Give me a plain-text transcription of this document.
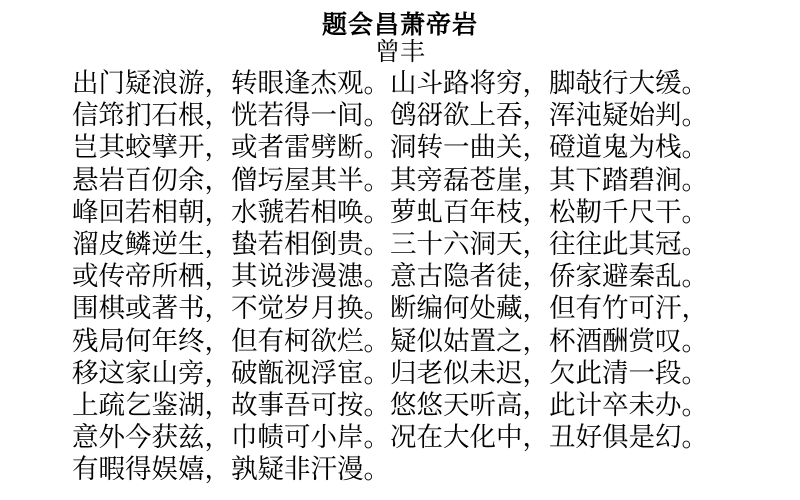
题会昌萧帝岩
曾丰

出门疑浪游，转眼逢杰观。山斗路将穷，脚敧行大缓。

信筇扪石根，恍若得一间。鸧谺欲上吞，浑沌疑始判。

岂其蛟擘开，或者雷劈断。洞转一曲关，磴道鬼为栈。

悬岩百仞余，僧圬屋其半。其旁磊苍崖，其下踏碧涧。

峰回若相朝，水虢若相唤。萝虬百年枝，松靭千尺干。

溜皮鳞逆生，蛰若相倒贵。三十六洞天，往往此其冠。

或传帝所栖，其说涉漫漶。意古隐者徒，侨家避秦乱。

围棋或著书，不觉岁月换。断编何处藏，但有竹可汗，

残局何年终，但有柯欲烂。疑似姑置之，杯酒酬赏叹。

移这家山旁，破甑视浮宦。归老似未迟，欠此清一段。

上疏乞鉴湖，故事吾可按。悠悠天听高，此计卒未办。

意外今获兹，巾帻可小岸。况在大化中，丑好俱是幻。

有暇得娱嬉，孰疑非汗漫。
